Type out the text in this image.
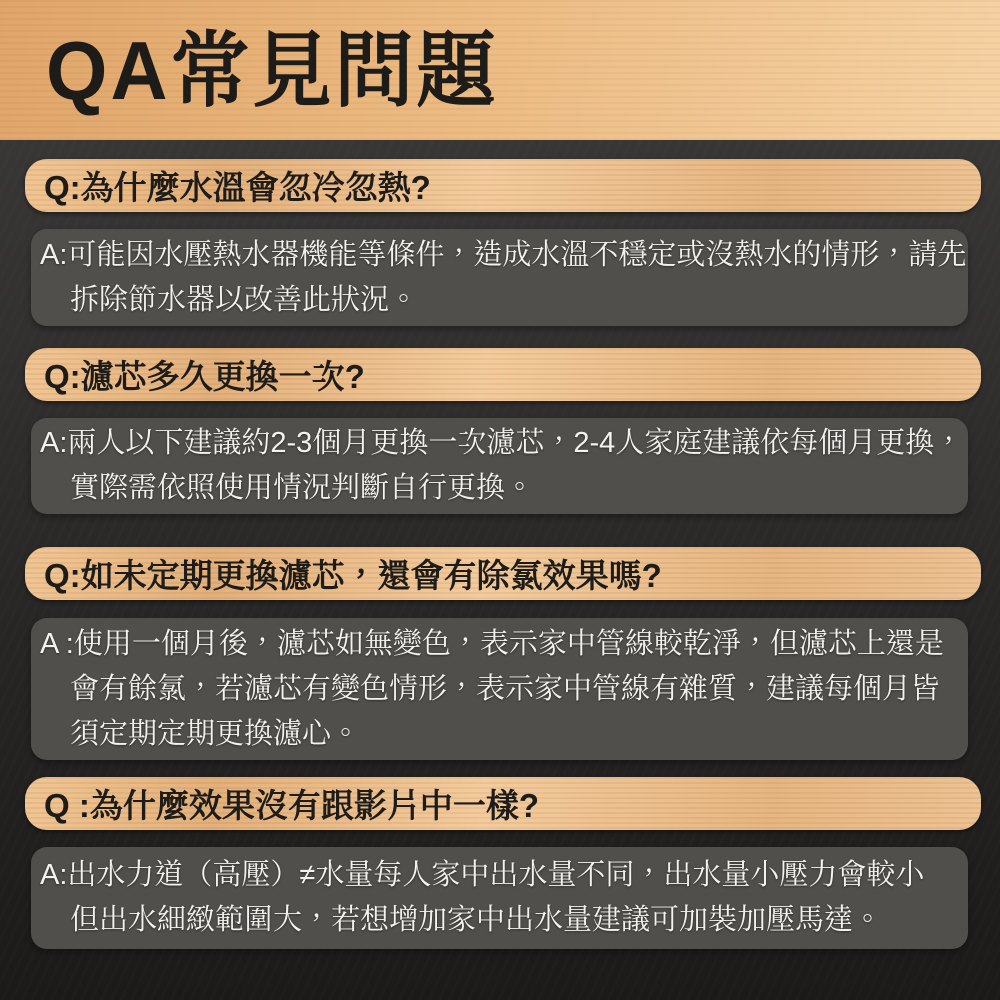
QA常見問題
Q:為什麼水溫會忽冷忽熱?
A:可能因水壓熱水器機能等條件，造成水溫不穩定或沒熱水的情形，請先
拆除節水器以改善此狀況。
Q:濾芯多久更換一次?
A:兩人以下建議約2-3個月更換一次濾芯，2-4人家庭建議依每個月更換，
實際需依照使用情況判斷自行更換。
Q:如未定期更換濾芯，還會有除氯效果嗎?
A :使用一個月後，濾芯如無變色，表示家中管線較乾淨，但濾芯上還是
會有餘氯，若濾芯有變色情形，表示家中管線有雜質，建議每個月皆
須定期定期更換濾心。
Q :為什麼效果沒有跟影片中一樣?
A:出水力道（高壓）≠水量每人家中出水量不同，出水量小壓力會較小
但出水細緻範圍大，若想增加家中出水量建議可加裝加壓馬達。
